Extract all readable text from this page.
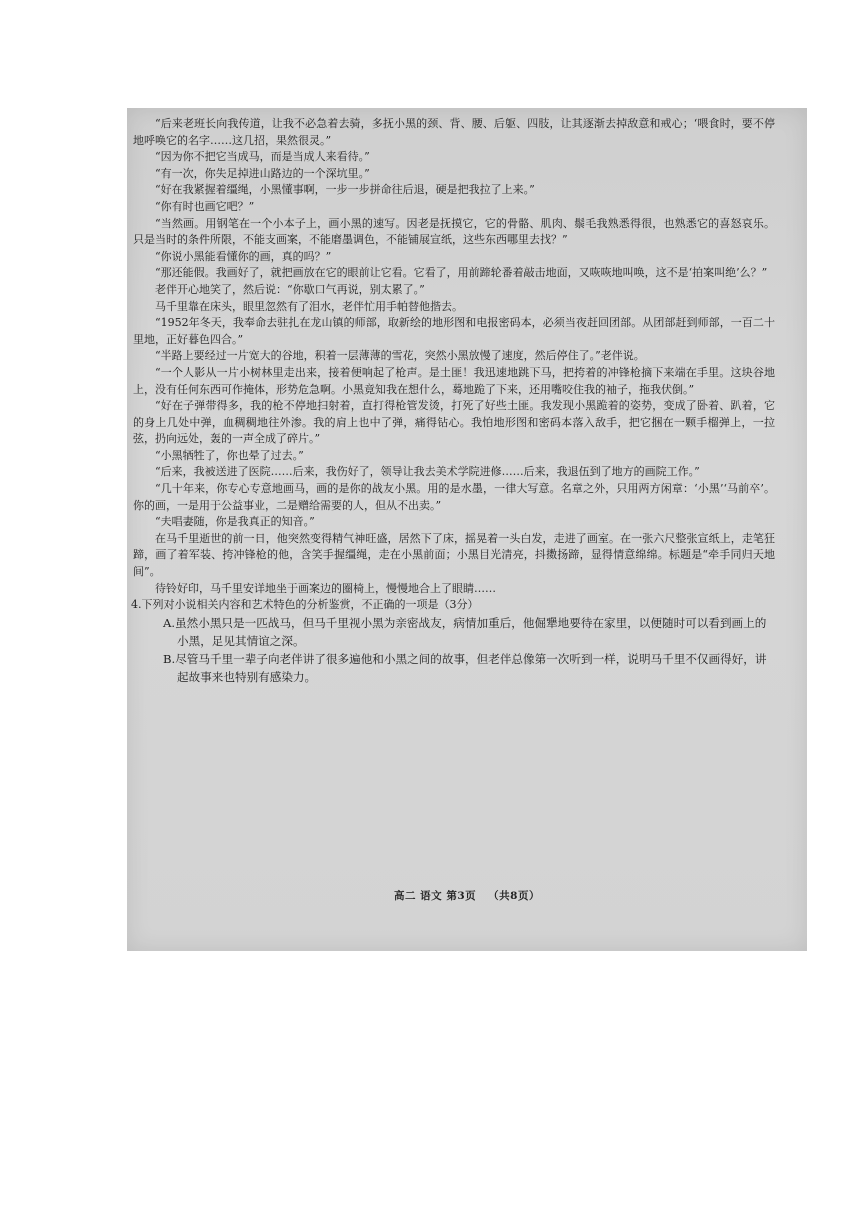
“后来老班长向我传道，让我不必急着去骑，多抚小黑的颈、背、腰、后躯、四肢，让其逐渐去掉敌意和戒心；‘喂食时，要不停地呼唤它的名字……这几招，果然很灵。”

“因为你不把它当成马，而是当成人来看待。”

“有一次，你失足掉进山路边的一个深坑里。”

“好在我紧握着缰绳，小黑懂事啊，一步一步拼命往后退，硬是把我拉了上来。”

“你有时也画它吧？”

“当然画。用钢笔在一个小本子上，画小黑的速写。因老是抚摸它，它的骨骼、肌肉、鬃毛我熟悉得很，也熟悉它的喜怒哀乐。只是当时的条件所限，不能支画案，不能磨墨调色，不能铺展宣纸，这些东西哪里去找？”

“你说小黑能看懂你的画，真的吗？”

“那还能假。我画好了，就把画放在它的眼前让它看。它看了，用前蹄轮番着敲击地面，又咴咴地叫唤，这不是‘拍案叫绝’么？”

老伴开心地笑了，然后说：“你歇口气再说，别太累了。”

马千里靠在床头，眼里忽然有了泪水，老伴忙用手帕替他揩去。

“1952年冬天，我奉命去驻扎在龙山镇的师部，取新绘的地形图和电报密码本，必须当夜赶回团部。从团部赶到师部，一百二十里地，正好暮色四合。”

“半路上要经过一片宽大的谷地，积着一层薄薄的雪花，突然小黑放慢了速度，然后停住了。”老伴说。

“一个人影从一片小树林里走出来，接着便响起了枪声。是土匪！我迅速地跳下马，把挎着的冲锋枪摘下来端在手里。这块谷地上，没有任何东西可作掩体，形势危急啊。小黑竟知我在想什么，蓦地跪了下来，还用嘴咬住我的袖子，拖我伏倒。”

“好在子弹带得多，我的枪不停地扫射着，直打得枪管发烫，打死了好些土匪。我发现小黑跪着的姿势，变成了卧着、趴着，它的身上几处中弹，血稠稠地往外渗。我的肩上也中了弹，痛得钻心。我怕地形图和密码本落入敌手，把它捆在一颗手榴弹上，一拉弦，扔向远处，轰的一声全成了碎片。”

“小黑牺牲了，你也晕了过去。”

“后来，我被送进了医院……后来，我伤好了，领导让我去美术学院进修……后来，我退伍到了地方的画院工作。”

“几十年来，你专心专意地画马，画的是你的战友小黑。用的是水墨，一律大写意。名章之外，只用两方闲章：‘小黑’‘马前卒’。你的画，一是用于公益事业，二是赠给需要的人，但从不出卖。”

“夫唱妻随，你是我真正的知音。”

在马千里逝世的前一日，他突然变得精气神旺盛，居然下了床，摇晃着一头白发，走进了画室。在一张六尺整张宣纸上，走笔狂蹄，画了着军装、挎冲锋枪的他，含笑手握缰绳，走在小黑前面；小黑目光清亮，抖擞扬蹄，显得情意绵绵。标题是“牵手同归天地间”。

待铃好印，马千里安详地坐于画案边的圈椅上，慢慢地合上了眼睛……

4.下列对小说相关内容和艺术特色的分析鉴赏，不正确的一项是（3分）

A.虽然小黑只是一匹战马，但马千里视小黑为亲密战友，病情加重后，他倔犟地要待在家里，以便随时可以看到画上的小黑，足见其情谊之深。

B.尽管马千里一辈子向老伴讲了很多遍他和小黑之间的故事，但老伴总像第一次听到一样，说明马千里不仅画得好，讲起故事来也特别有感染力。

高二 语文 第3页 （共8页）
